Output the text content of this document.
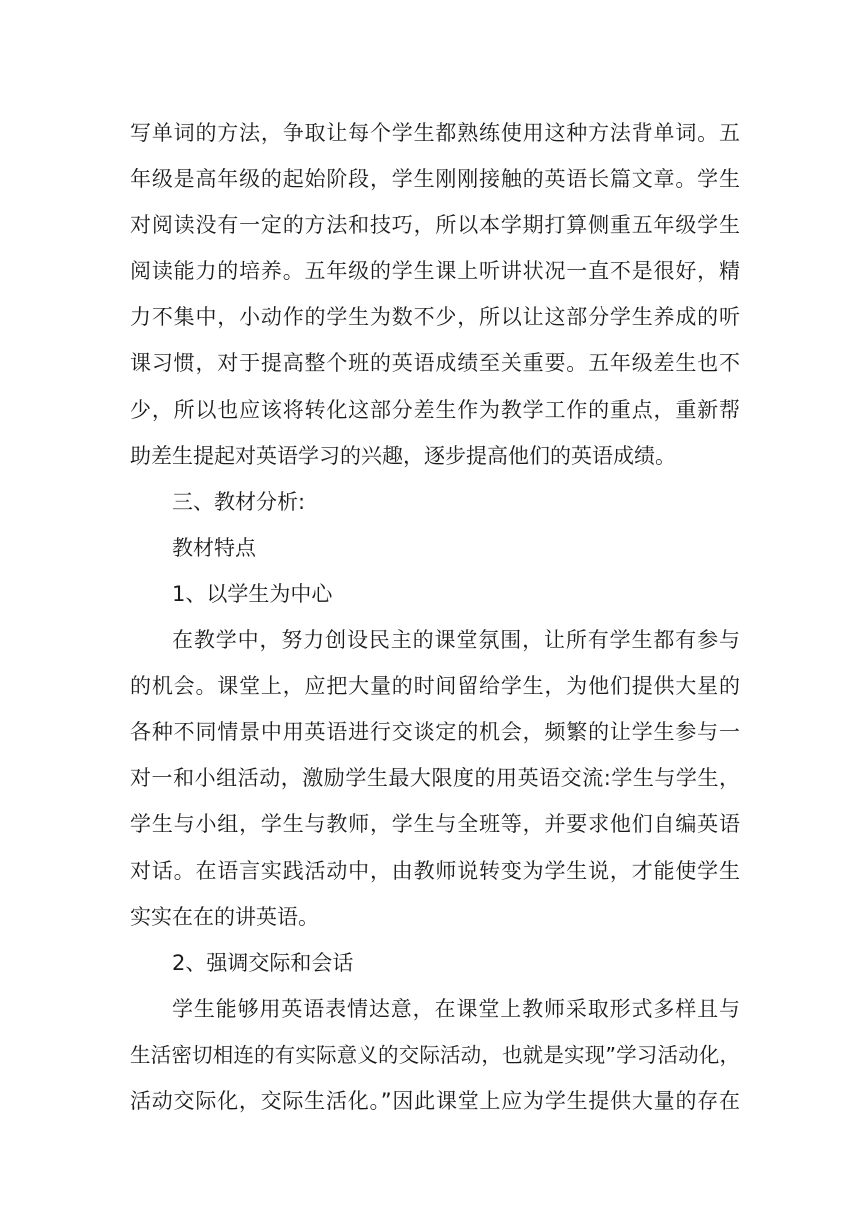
写单词的方法，争取让每个学生都熟练使用这种方法背单词。五
年级是高年级的起始阶段，学生刚刚接触的英语长篇文章。学生
对阅读没有一定的方法和技巧，所以本学期打算侧重五年级学生
阅读能力的培养。五年级的学生课上听讲状况一直不是很好，精
力不集中，小动作的学生为数不少，所以让这部分学生养成的听
课习惯，对于提高整个班的英语成绩至关重要。五年级差生也不
少，所以也应该将转化这部分差生作为教学工作的重点，重新帮
助差生提起对英语学习的兴趣，逐步提高他们的英语成绩。
三、教材分析:
教材特点
1、以学生为中心
在教学中，努力创设民主的课堂氛围，让所有学生都有参与
的机会。课堂上，应把大量的时间留给学生，为他们提供大星的
各种不同情景中用英语进行交谈定的机会，频繁的让学生参与一
对一和小组活动，激励学生最大限度的用英语交流:学生与学生，
学生与小组，学生与教师，学生与全班等，并要求他们自编英语
对话。在语言实践活动中，由教师说转变为学生说，才能使学生
实实在在的讲英语。
2、强调交际和会话
学生能够用英语表情达意，在课堂上教师采取形式多样且与
生活密切相连的有实际意义的交际活动，也就是实现”学习活动化，
活动交际化，交际生活化。”因此课堂上应为学生提供大量的存在
